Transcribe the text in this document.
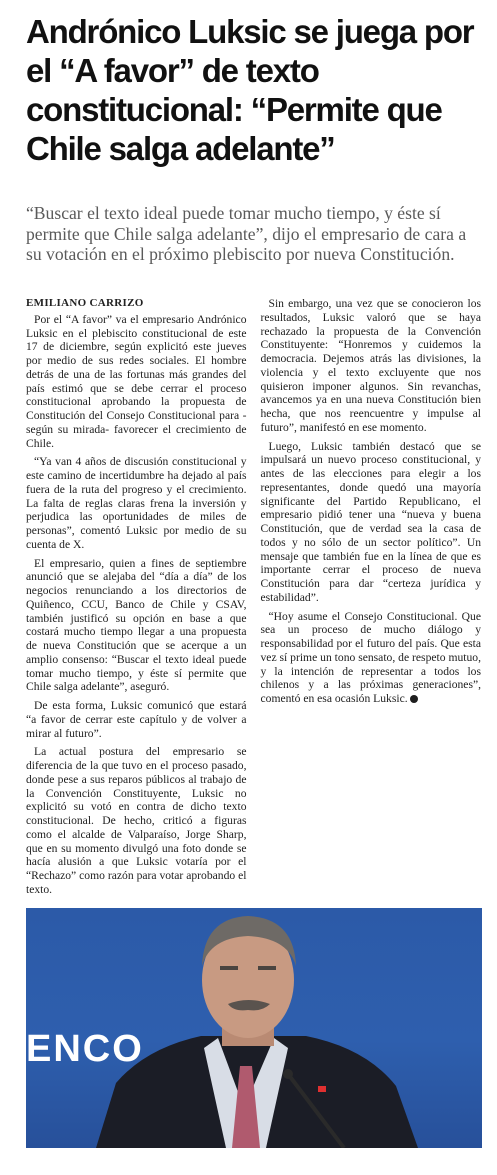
Andrónico Luksic se juega por el “A favor” de texto constitucional: “Permite que Chile salga adelante”

“Buscar el texto ideal puede tomar mucho tiempo, y éste sí permite que Chile salga adelante”, dijo el empresario de cara a su votación en el próximo plebiscito por nueva Constitución.

EMILIANO CARRIZO

Por el “A favor” va el empresario Andrónico Luksic en el plebiscito constitucional de este 17 de diciembre, según explicitó este jueves por medio de sus redes sociales. El hombre detrás de una de las fortunas más grandes del país estimó que se debe cerrar el proceso constitucional aprobando la propuesta de Constitución del Consejo Constitucional para -según su mirada- favorecer el crecimiento de Chile.

“Ya van 4 años de discusión constitucional y este camino de incertidumbre ha dejado al país fuera de la ruta del progreso y el crecimiento. La falta de reglas claras frena la inversión y perjudica las oportunidades de miles de personas”, comentó Luksic por medio de su cuenta de X.

El empresario, quien a fines de septiembre anunció que se alejaba del “día a día” de los negocios renunciando a los directorios de Quiñenco, CCU, Banco de Chile y CSAV, también justificó su opción en base a que costará mucho tiempo llegar a una propuesta de nueva Constitución que se acerque a un amplio consenso: “Buscar el texto ideal puede tomar mucho tiempo, y éste sí permite que Chile salga adelante”, aseguró.

De esta forma, Luksic comunicó que estará “a favor de cerrar este capítulo y de volver a mirar al futuro”.

La actual postura del empresario se diferencia de la que tuvo en el proceso pasado, donde pese a sus reparos públicos al trabajo de la Convención Constituyente, Luksic no explicitó su votó en contra de dicho texto constitucional. De hecho, criticó a figuras como el alcalde de Valparaíso, Jorge Sharp, que en su momento divulgó una foto donde se hacía alusión a que Luksic votaría por el “Rechazo” como razón para votar aprobando el texto.

Sin embargo, una vez que se conocieron los resultados, Luksic valoró que se haya rechazado la propuesta de la Convención Constituyente: “Honremos y cuidemos la democracia. Dejemos atrás las divisiones, la violencia y el texto excluyente que nos quisieron imponer algunos. Sin revanchas, avancemos ya en una nueva Constitución bien hecha, que nos reencuentre y impulse al futuro”, manifestó en ese momento.

Luego, Luksic también destacó que se impulsará un nuevo proceso constitucional, y antes de las elecciones para elegir a los representantes, donde quedó una mayoría significante del Partido Republicano, el empresario pidió tener una “nueva y buena Constitución, que de verdad sea la casa de todos y no sólo de un sector político”. Un mensaje que también fue en la línea de que es importante cerrar el proceso de nueva Constitución para dar “certeza jurídica y estabilidad”.

“Hoy asume el Consejo Constitucional. Que sea un proceso de mucho diálogo y responsabilidad por el futuro del país. Que esta vez sí prime un tono sensato, de respeto mutuo, y la intención de representar a todos los chilenos y a las próximas generaciones”, comentó en esa ocasión Luksic.

ENCO
